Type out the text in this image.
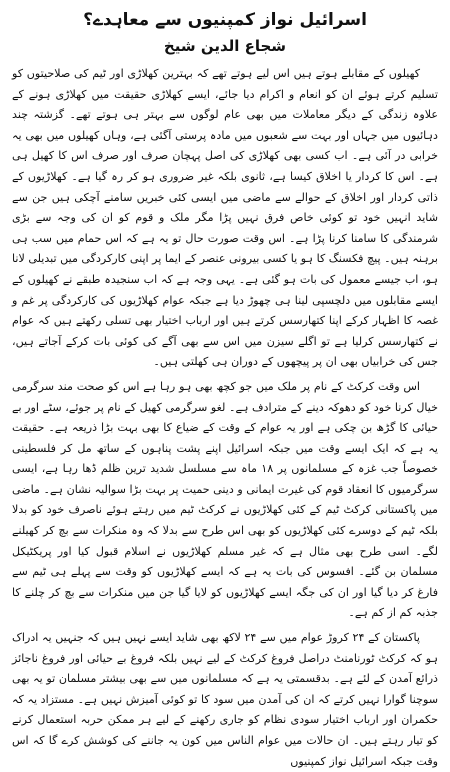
اسرائیل نواز کمپنیوں سے معاہدے؟
شجاع الدین شیخ

کھیلوں کے مقابلے ہوتے ہیں اس لیے ہوتے تھے کہ بہترین کھلاڑی اور ٹیم کی صلاحیتوں کو تسلیم کرتے ہوئے ان کو انعام و اکرام دیا جائے، ایسے کھلاڑی حقیقت میں کھلاڑی ہونے کے علاوہ زندگی کے دیگر معاملات میں بھی عام لوگوں سے بہتر ہی ہوتے تھے۔ گزشتہ چند دہائیوں میں جہاں اور بہت سے شعبوں میں مادہ پرستی آگئی ہے، وہاں کھیلوں میں بھی یہ خرابی در آئی ہے۔ اب کسی بھی کھلاڑی کی اصل پہچان صرف اور صرف اس کا کھیل ہی ہے۔ اس کا کردار یا اخلاق کیسا ہے، ثانوی بلکہ غیر ضروری ہو کر رہ گیا ہے۔ کھلاڑیوں کے ذاتی کردار اور اخلاق کے حوالے سے ماضی میں ایسی کئی خبریں سامنے آچکی ہیں جن سے شاید انہیں خود تو کوئی خاص فرق نہیں پڑا مگر ملک و قوم کو ان کی وجہ سے بڑی شرمندگی کا سامنا کرنا پڑا ہے۔ اس وقت صورت حال تو یہ ہے کہ اس حمام میں سب ہی برہنہ ہیں۔ پیچ فکسنگ کا ہو یا کسی بیرونی عنصر کے ایما پر اپنی کارکردگی میں تبدیلی لانا ہو، اب جیسے معمول کی بات ہو گئی ہے۔ یہی وجہ ہے کہ اب سنجیدہ طبقے نے کھیلوں کے ایسے مقابلوں میں دلچسپی لینا ہی چھوڑ دیا ہے جبکہ عوام کھلاڑیوں کی کارکردگی پر غم و غصہ کا اظہار کرکے اپنا کتھارسس کرتے ہیں اور ارباب اختیار بھی تسلی رکھتے ہیں کہ عوام نے کتھارسس کرلیا ہے تو اگلے سیزن میں اس سے بھی آگے کی کوئی بات کرکے آجاتے ہیں، جس کی خرابیاں بھی ان پر پیچھوں کے دوران ہی کھلتی ہیں۔

اس وقت کرکٹ کے نام پر ملک میں جو کچھ بھی ہو رہا ہے اس کو صحت مند سرگرمی خیال کرنا خود کو دھوکہ دینے کے مترادف ہے۔ لغو سرگرمی کھیل کے نام پر جوئے، سٹے اور بے حیائی کا گڑھ بن چکی ہے اور یہ عوام کے وقت کے ضیاع کا بھی بہت بڑا ذریعہ ہے۔ حقیقت یہ ہے کہ ایک ایسے وقت میں جبکہ اسرائیل اپنے پشت پناہوں کے ساتھ مل کر فلسطینی خصوصاً جب غزہ کے مسلمانوں پر ۱۸ ماہ سے مسلسل شدید ترین ظلم ڈھا رہا ہے، ایسی سرگرمیوں کا انعقاد قوم کی غیرت ایمانی و دینی حمیت پر بہت بڑا سوالیہ نشان ہے۔ ماضی میں پاکستانی کرکٹ ٹیم کے کئی کھلاڑیوں نے کرکٹ ٹیم میں رہتے ہوئے ناصرف خود کو بدلا بلکہ ٹیم کے دوسرے کئی کھلاڑیوں کو بھی اس طرح سے بدلا کہ وہ منکرات سے بچ کر کھیلنے لگے۔ اسی طرح بھی مثال ہے کہ غیر مسلم کھلاڑیوں نے اسلام قبول کیا اور پریکٹیکل مسلمان بن گئے۔ افسوس کی بات یہ ہے کہ ایسے کھلاڑیوں کو وقت سے پہلے ہی ٹیم سے فارغ کر دیا گیا اور ان کی جگہ ایسے کھلاڑیوں کو لایا گیا جن میں منکرات سے بچ کر چلنے کا جذبہ کم از کم ہے۔

پاکستان کے ۲۴ کروڑ عوام میں سے ۲۴ لاکھ بھی شاید ایسے نہیں ہیں کہ جنہیں یہ ادراک ہو کہ کرکٹ ٹورنامنٹ دراصل فروغ کرکٹ کے لیے نہیں بلکہ فروغ بے حیائی اور فروغ ناجائز ذرائع آمدن کے لئے ہے۔ بدقسمتی یہ ہے کہ مسلمانوں میں سے بھی بیشتر مسلمان تو یہ بھی سوچنا گوارا نہیں کرتے کہ ان کی آمدن میں سود کا تو کوئی آمیزش نہیں ہے۔ مستزاد یہ کہ حکمران اور ارباب اختیار سودی نظام کو جاری رکھنے کے لیے ہر ممکن حربہ استعمال کرنے کو تیار رہتے ہیں۔ ان حالات میں عوام الناس میں کون یہ جاننے کی کوشش کرے گا کہ اس وقت جبکہ اسرائیل نواز کمپنیوں
